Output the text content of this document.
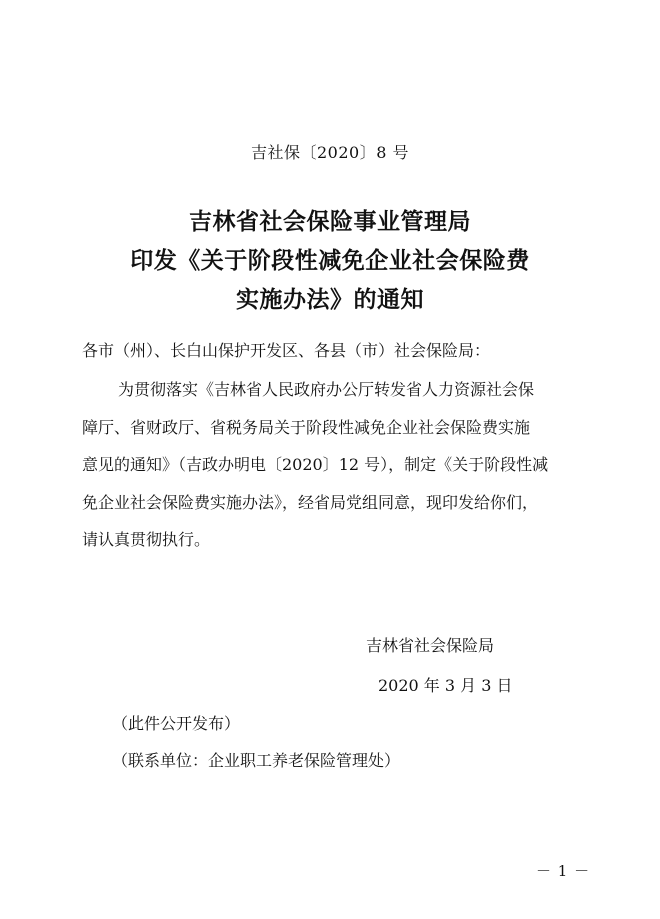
吉社保〔2020〕8 号
吉林省社会保险事业管理局
印发《关于阶段性减免企业社会保险费
实施办法》的通知
各市（州）、长白山保护开发区、各县（市）社会保险局：
为贯彻落实《吉林省人民政府办公厅转发省人力资源社会保
障厅、省财政厅、省税务局关于阶段性减免企业社会保险费实施
意见的通知》（吉政办明电〔2020〕12 号），制定《关于阶段性减
免企业社会保险费实施办法》，经省局党组同意，现印发给你们，
请认真贯彻执行。
吉林省社会保险局
2020 年 3 月 3 日
（此件公开发布）
（联系单位：企业职工养老保险管理处）
－ 1 －
